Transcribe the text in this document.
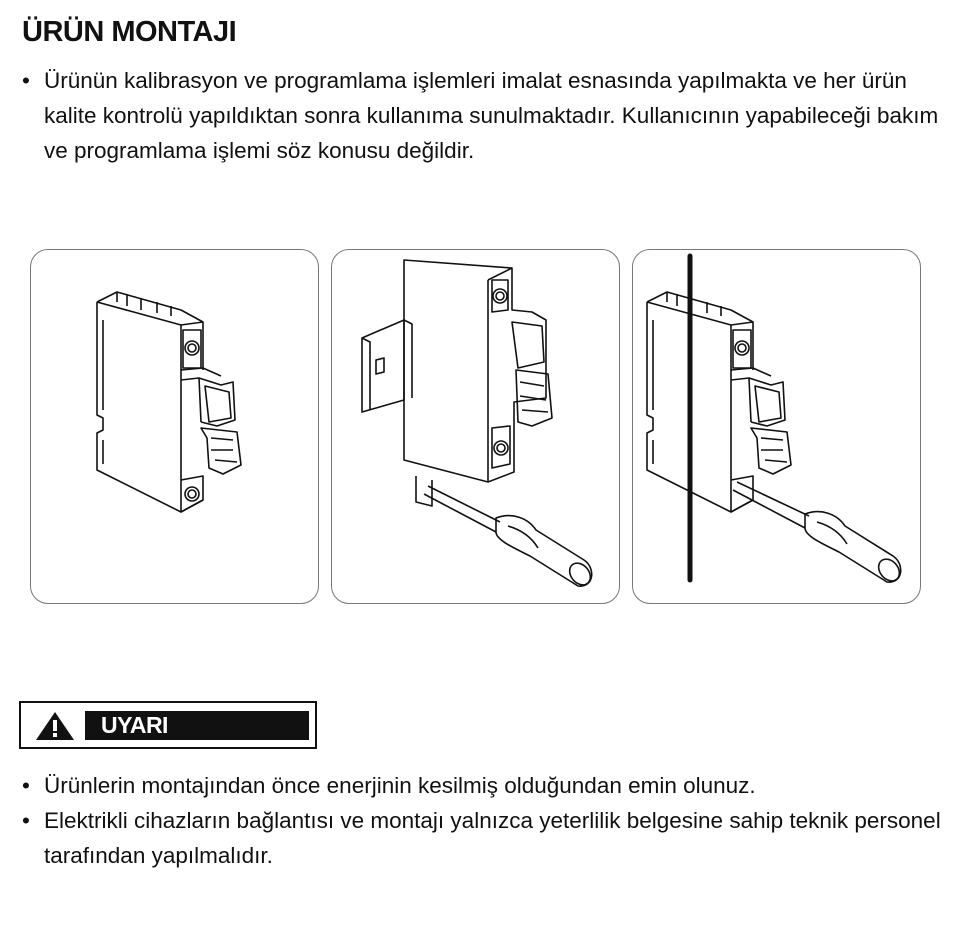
ÜRÜN MONTAJI
• Ürünün kalibrasyon ve programlama işlemleri imalat esnasında yapılmakta ve her ürün kalite kontrolü yapıldıktan sonra kullanıma sunulmaktadır. Kullanıcının yapabileceği bakım ve programlama işlemi söz konusu değildir.
UYARI
• Ürünlerin montajından önce enerjinin kesilmiş olduğundan emin olunuz.
• Elektrikli cihazların bağlantısı ve montajı yalnızca yeterlilik belgesine sahip teknik personel tarafından yapılmalıdır.
